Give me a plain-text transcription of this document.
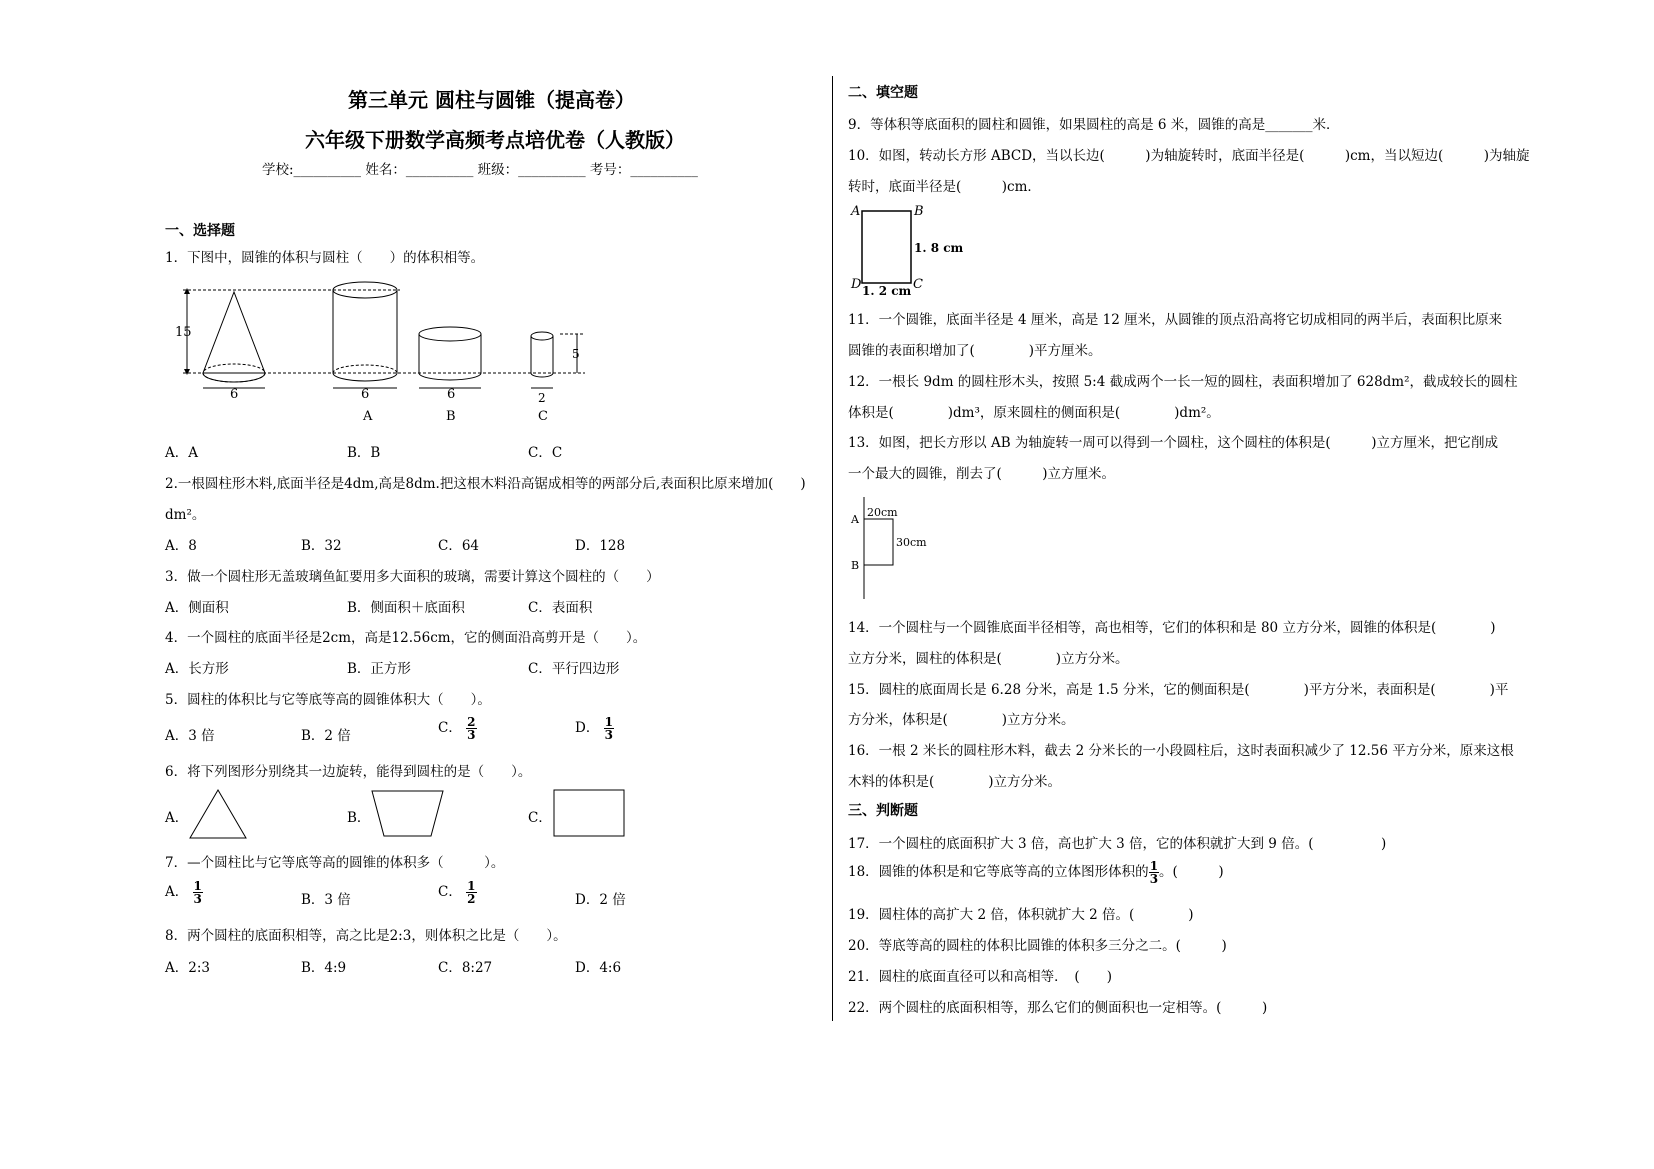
第三单元 圆柱与圆锥（提高卷）
六年级下册数学高频考点培优卷（人教版）
学校:__________ 姓名：__________ 班级：__________ 考号：__________
一、选择题
1．下图中，圆锥的体积与圆柱（　　）的体积相等。
15
6	6
A
6
B
5
2
C
A．A	B．B	C．C
2.一根圆柱形木料,底面半径是4dm,高是8dm.把这根木料沿高锯成相等的两部分后,表面积比原来增加(　　)
dm²。
A．8	B．32	C．64	D．128
3．做一个圆柱形无盖玻璃鱼缸要用多大面积的玻璃，需要计算这个圆柱的（　　）
A．侧面积	B．侧面积＋底面积	C．表面积
4．一个圆柱的底面半径是2cm，高是12.56cm，它的侧面沿高剪开是（　　）。
A．长方形	B．正方形	C．平行四边形
5．圆柱的体积比与它等底等高的圆锥体积大（　　）。
A．3 倍	B．2 倍	C． $\frac{2}{3}$	D． $\frac{1}{3}$
6．将下列图形分别绕其一边旋转，能得到圆柱的是（　　）。
A．	B．	C．
7．—个圆柱比与它等底等高的圆锥的体积多（　　　）。
A． $\frac{1}{3}$	B．3 倍	C． $\frac{1}{2}$	D．2 倍
8．两个圆柱的底面积相等，高之比是2:3，则体积之比是（　　）。
A．2:3	B．4:9	C．8:27	D．4:6
二、填空题
9．等体积等底面积的圆柱和圆锥，如果圆柱的高是 6 米，圆锥的高是_______米．
10．如图，转动长方形 ABCD，当以长边(　　　)为轴旋转时，底面半径是(　　　)cm，当以短边(　　　)为轴旋
转时，底面半径是(　　　)cm．
A	B
D	C
1. 8 cm
1. 2 cm
11．一个圆锥，底面半径是 4 厘米，高是 12 厘米，从圆锥的顶点沿高将它切成相同的两半后，表面积比原来
圆锥的表面积增加了(　　　　)平方厘米。
12．一根长 9dm 的圆柱形木头，按照 5:4 截成两个一长一短的圆柱，表面积增加了 628dm²，截成较长的圆柱
体积是(　　　　)dm³，原来圆柱的侧面积是(　　　　)dm²。
13．如图，把长方形以 AB 为轴旋转一周可以得到一个圆柱，这个圆柱的体积是(　　　)立方厘米，把它削成
一个最大的圆锥，削去了(　　　)立方厘米。
A
B
20cm
30cm
14．一个圆柱与一个圆锥底面半径相等，高也相等，它们的体积和是 80 立方分米，圆锥的体积是(　　　　)
立方分米，圆柱的体积是(　　　　)立方分米。
15．圆柱的底面周长是 6.28 分米，高是 1.5 分米，它的侧面积是(　　　　)平方分米，表面积是(　　　　)平
方分米，体积是(　　　　)立方分米。
16．一根 2 米长的圆柱形木料，截去 2 分米长的一小段圆柱后，这时表面积减少了 12.56 平方分米，原来这根
木料的体积是(　　　　)立方分米。
三、判断题
17．一个圆柱的底面积扩大 3 倍，高也扩大 3 倍，它的体积就扩大到 9 倍。(　　　　　)
18．圆锥的体积是和它等底等高的立体图形体积的 $\frac{1}{3}$ 。(　　　)
19．圆柱体的高扩大 2 倍，体积就扩大 2 倍。(　　　　)
20．等底等高的圆柱的体积比圆锥的体积多三分之二。(　　　)
21．圆柱的底面直径可以和高相等．　(　　)
22．两个圆柱的底面积相等，那么它们的侧面积也一定相等。(　　　)
